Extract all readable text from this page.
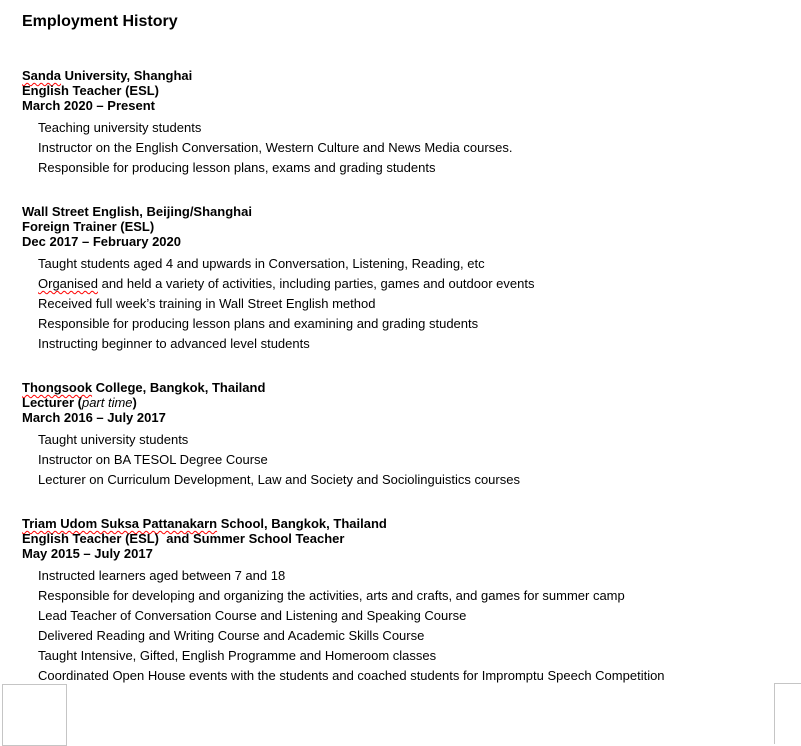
Employment History
Sanda University, Shanghai
English Teacher (ESL)
March 2020 – Present
Teaching university students
Instructor on the English Conversation, Western Culture and News Media courses.
Responsible for producing lesson plans, exams and grading students
Wall Street English, Beijing/Shanghai
Foreign Trainer (ESL)
Dec 2017 – February 2020
Taught students aged 4 and upwards in Conversation, Listening, Reading, etc
Organised and held a variety of activities, including parties, games and outdoor events
Received full week’s training in Wall Street English method
Responsible for producing lesson plans and examining and grading students
Instructing beginner to advanced level students
Thongsook College, Bangkok, Thailand
Lecturer (part time)
March 2016 – July 2017
Taught university students
Instructor on BA TESOL Degree Course
Lecturer on Curriculum Development, Law and Society and Sociolinguistics courses
Triam Udom Suksa Pattanakarn School, Bangkok, Thailand
English Teacher (ESL)  and Summer School Teacher
May 2015 – July 2017
Instructed learners aged between 7 and 18
Responsible for developing and organizing the activities, arts and crafts, and games for summer camp
Lead Teacher of Conversation Course and Listening and Speaking Course
Delivered Reading and Writing Course and Academic Skills Course
Taught Intensive, Gifted, English Programme and Homeroom classes
Coordinated Open House events with the students and coached students for Impromptu Speech Competition
